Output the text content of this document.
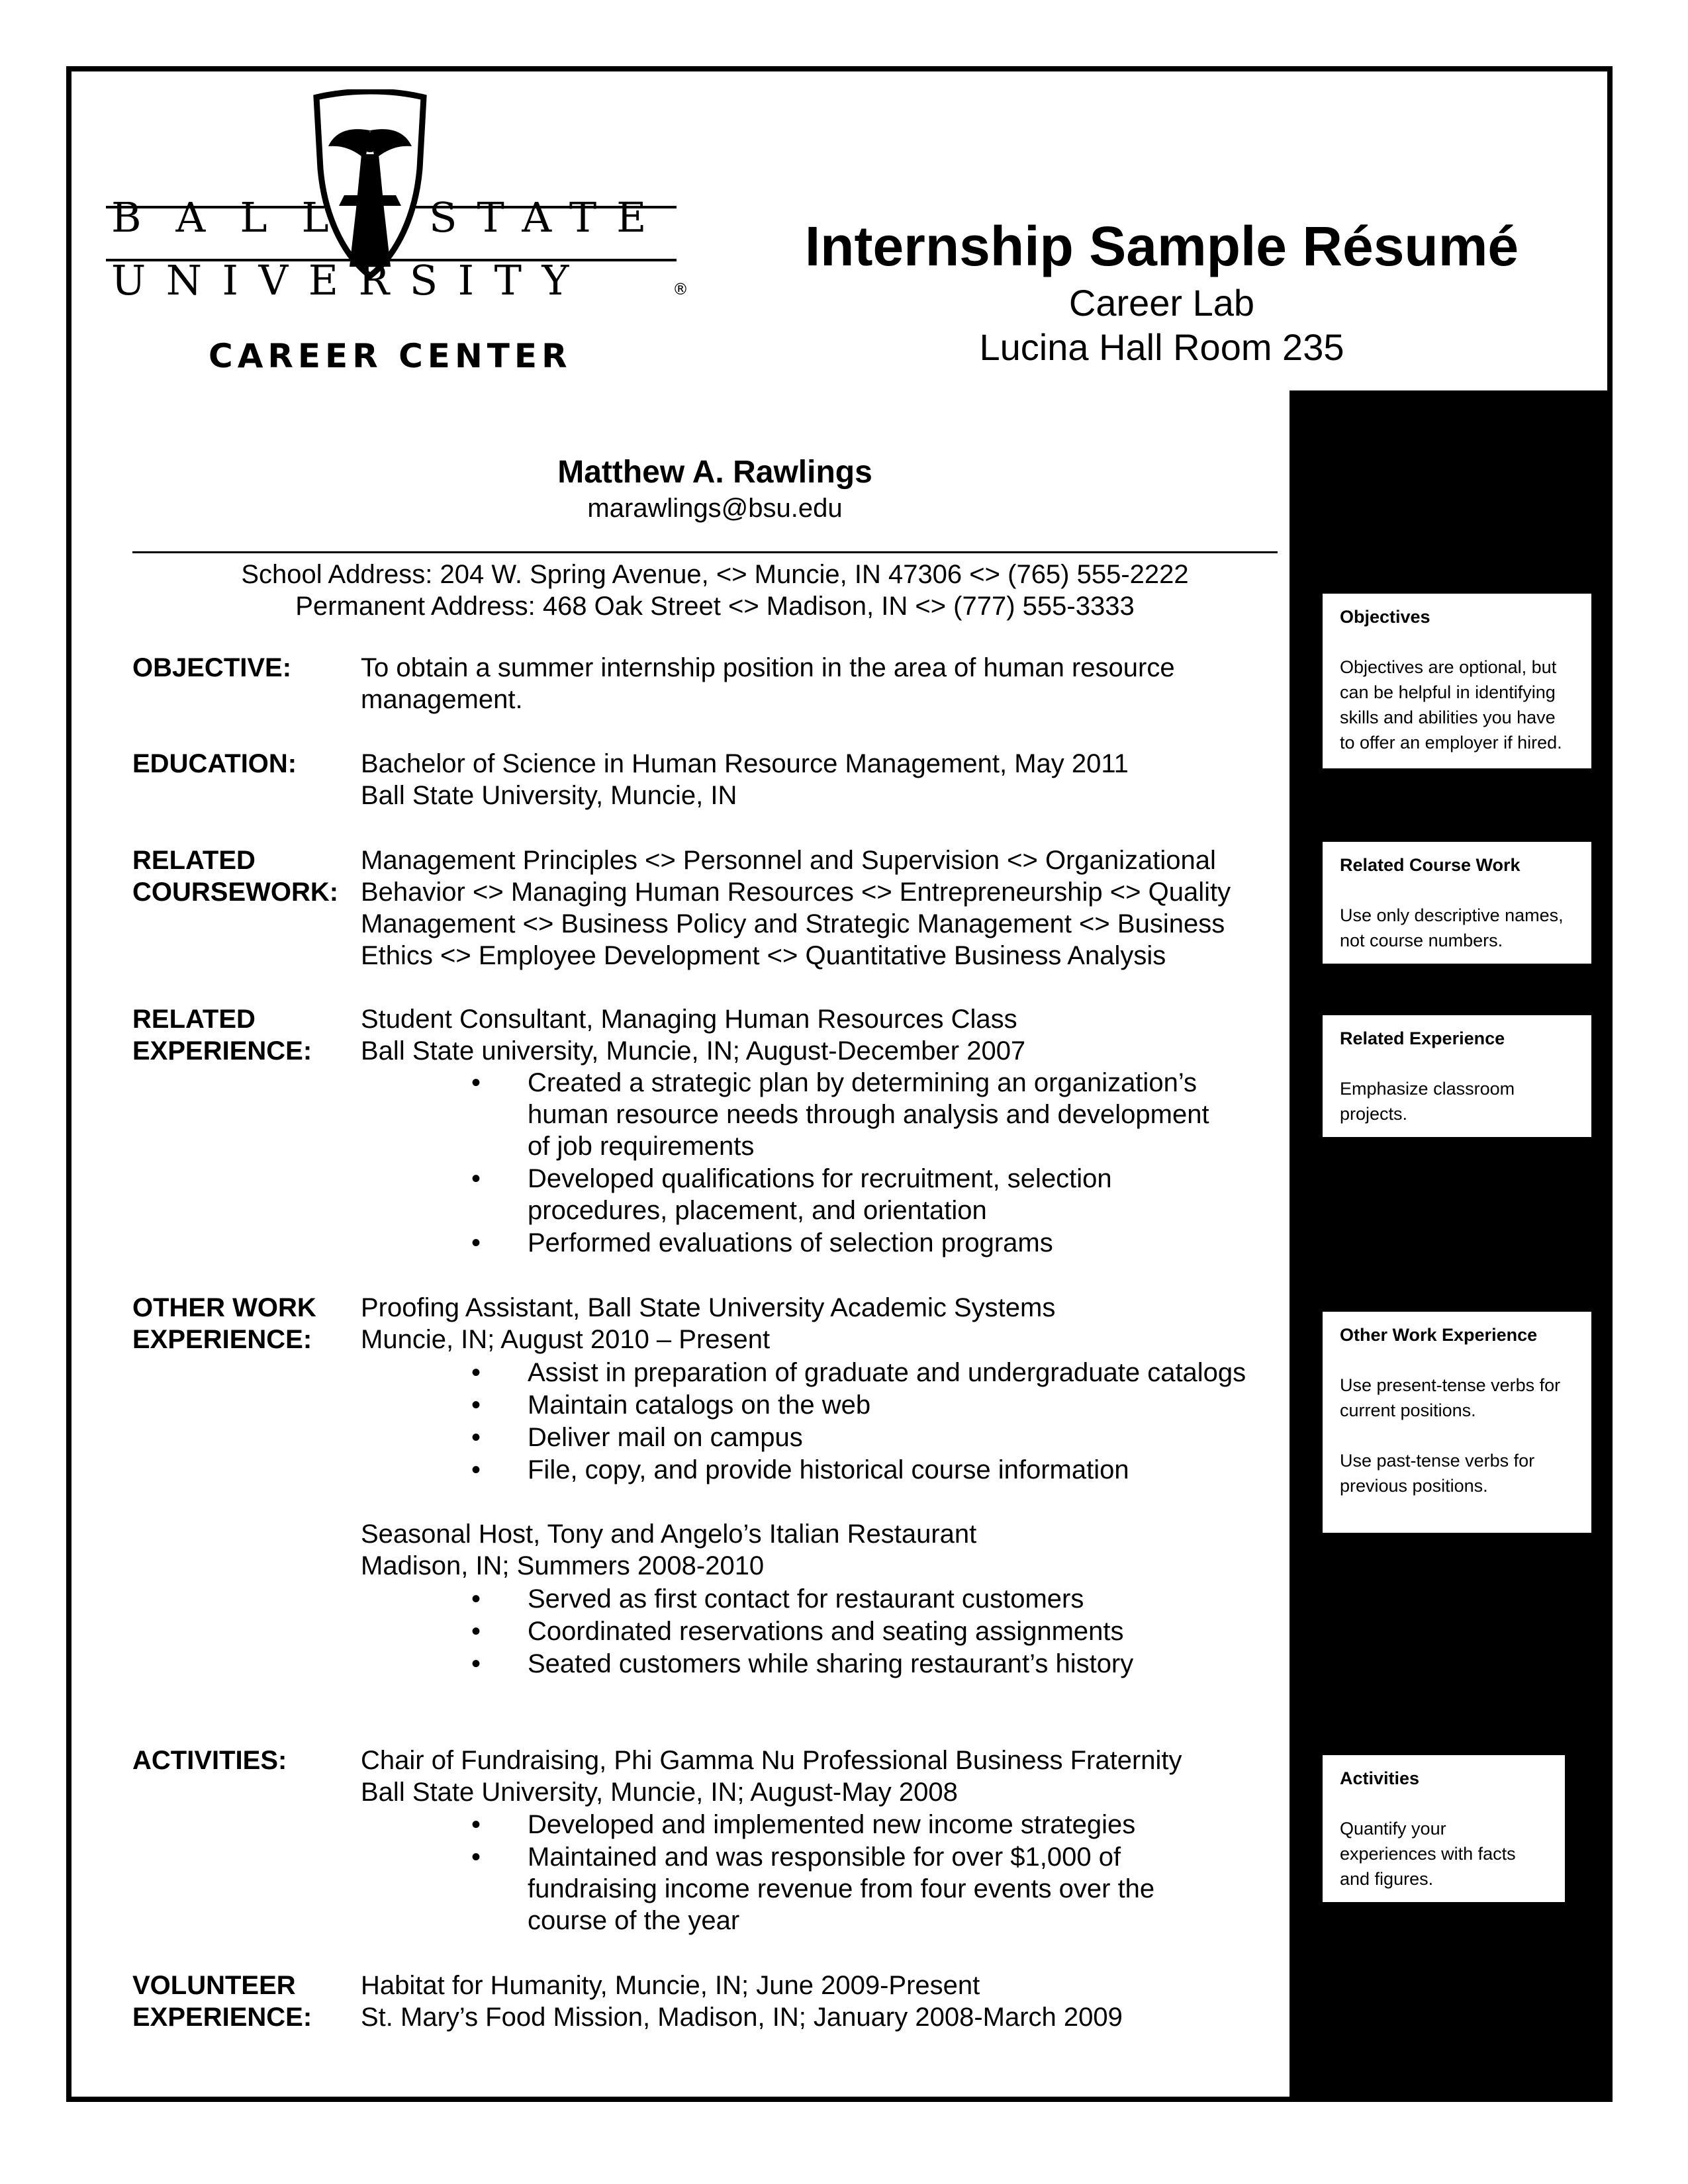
BALL STATE
UNIVERSITY	®
CAREER CENTER
Internship Sample Résumé
Career Lab
Lucina Hall Room 235
Matthew A. Rawlings
marawlings@bsu.edu
School Address: 204 W. Spring Avenue, <> Muncie, IN 47306 <> (765) 555-2222
Permanent Address: 468 Oak Street <> Madison, IN <> (777) 555-3333
OBJECTIVE:	To obtain a summer internship position in the area of human resource
management.
EDUCATION: Bachelor of Science in Human Resource Management, May 2011
Ball State University, Muncie, IN
RELATED
COURSEWORK:
Management Principles <> Personnel and Supervision <> Organizational
Behavior <> Managing Human Resources <> Entrepreneurship <> Quality
Management <> Business Policy and Strategic Management <> Business
Ethics <> Employee Development <> Quantitative Business Analysis
RELATED
EXPERIENCE:
Student Consultant, Managing Human Resources Class
Ball State university, Muncie, IN; August-December 2007
• Created a strategic plan by determining an organization’s
human resource needs through analysis and development
of job requirements
• Developed qualifications for recruitment, selection
procedures, placement, and orientation
• Performed evaluations of selection programs
OTHER WORK
EXPERIENCE:
Proofing Assistant, Ball State University Academic Systems
Muncie, IN; August 2010 – Present
• Assist in preparation of graduate and undergraduate catalogs
• Maintain catalogs on the web
• Deliver mail on campus
• File, copy, and provide historical course information
Seasonal Host, Tony and Angelo’s Italian Restaurant
Madison, IN; Summers 2008-2010
• Served as first contact for restaurant customers
• Coordinated reservations and seating assignments
• Seated customers while sharing restaurant’s history
ACTIVITIES:	Chair of Fundraising, Phi Gamma Nu Professional Business Fraternity
Ball State University, Muncie, IN; August-May 2008
• Developed and implemented new income strategies
• Maintained and was responsible for over $1,000 of
fundraising income revenue from four events over the
course of the year
VOLUNTEER
EXPERIENCE:
Habitat for Humanity, Muncie, IN; June 2009-Present
St. Mary’s Food Mission, Madison, IN; January 2008-March 2009
Objectives
Objectives are optional, but
can be helpful in identifying
skills and abilities you have
to offer an employer if hired.
Related Course Work
Use only descriptive names,
not course numbers.
Related Experience
Emphasize classroom
projects.
Other Work Experience
Use present-tense verbs for
current positions.
Use past-tense verbs for
previous positions.
Activities
Quantify your
experiences with facts
and figures.
